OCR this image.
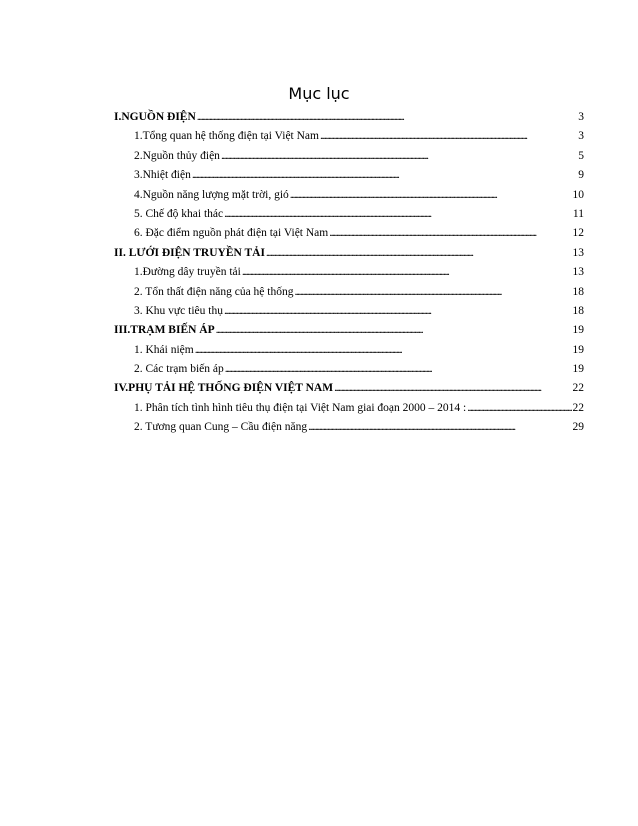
Mục lục
I.NGUỒN ĐIỆN . . .	3
1.Tổng quan hệ thống điện tại Việt Nam . . .	3
2.Nguồn thủy điện . . .	5
3.Nhiệt điện . . .	9
4.Nguồn năng lượng mặt trời, gió . . .	10
5. Chế độ khai thác . . .	11
6. Đặc điểm nguồn phát điện tại Việt Nam . . .	12
II. LƯỚI ĐIỆN TRUYỀN TẢI . . .	13
1.Đường dây truyền tải . . .	13
2. Tổn thất điện năng của hệ thống . . .	18
3. Khu vực tiêu thụ . . .	18
III.TRẠM BIẾN ÁP . . .	19
1. Khái niệm . . .	19
2. Các trạm biến áp . . .	19
IV.PHỤ TẢI HỆ THỐNG ĐIỆN VIỆT NAM . . .	22
1. Phân tích tình hình tiêu thụ điện tại Việt Nam giai đoạn 2000 – 2014 : . . .	22
2. Tương quan Cung – Cầu điện năng . . .	29
